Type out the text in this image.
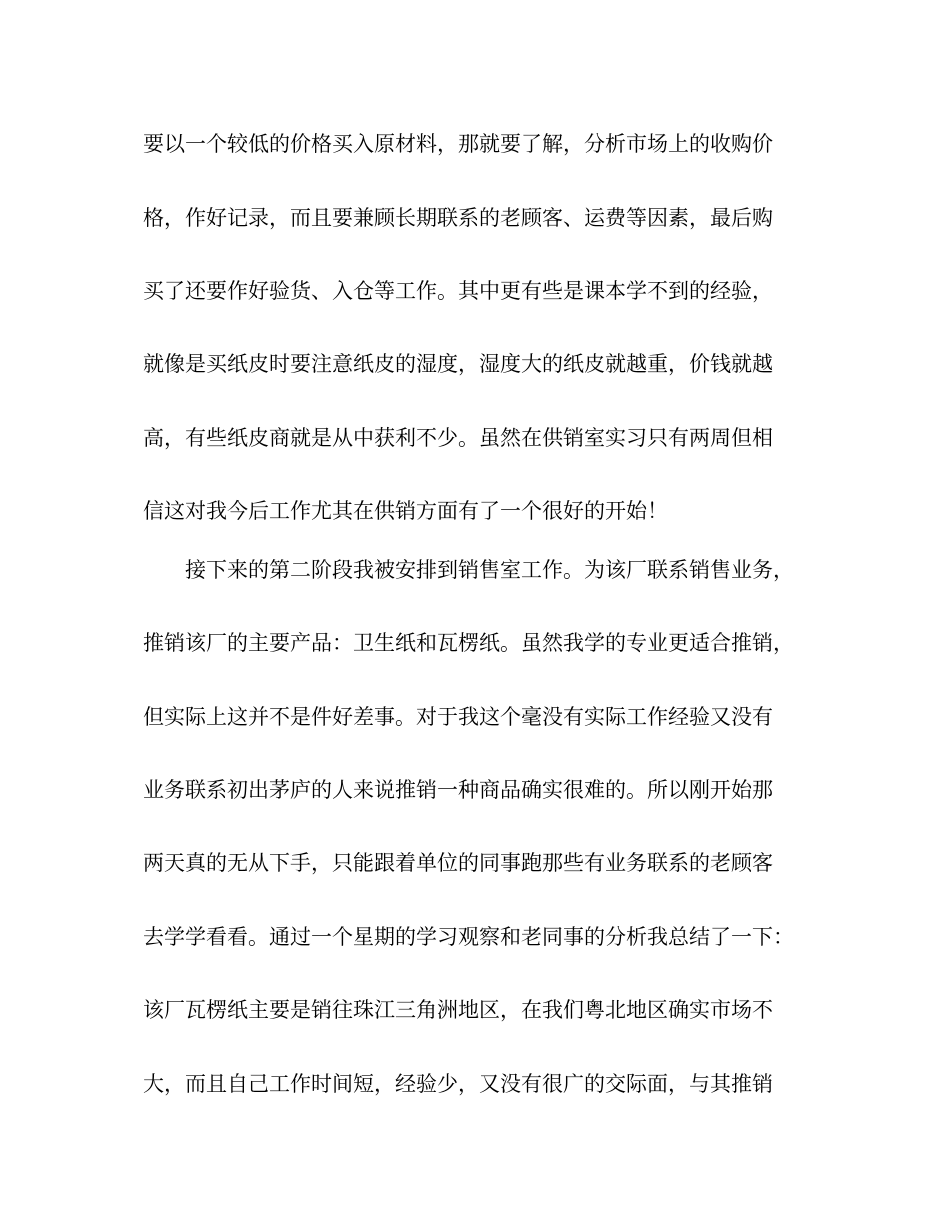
要以一个较低的价格买入原材料，那就要了解，分析市场上的收购价
格，作好记录，而且要兼顾长期联系的老顾客、运费等因素，最后购
买了还要作好验货、入仓等工作。其中更有些是课本学不到的经验，
就像是买纸皮时要注意纸皮的湿度，湿度大的纸皮就越重，价钱就越
高，有些纸皮商就是从中获利不少。虽然在供销室实习只有两周但相
信这对我今后工作尤其在供销方面有了一个很好的开始！
接下来的第二阶段我被安排到销售室工作。为该厂联系销售业务，
推销该厂的主要产品：卫生纸和瓦楞纸。虽然我学的专业更适合推销，
但实际上这并不是件好差事。对于我这个毫没有实际工作经验又没有
业务联系初出茅庐的人来说推销一种商品确实很难的。所以刚开始那
两天真的无从下手，只能跟着单位的同事跑那些有业务联系的老顾客
去学学看看。通过一个星期的学习观察和老同事的分析我总结了一下：
该厂瓦楞纸主要是销往珠江三角洲地区，在我们粤北地区确实市场不
大，而且自己工作时间短，经验少，又没有很广的交际面，与其推销
